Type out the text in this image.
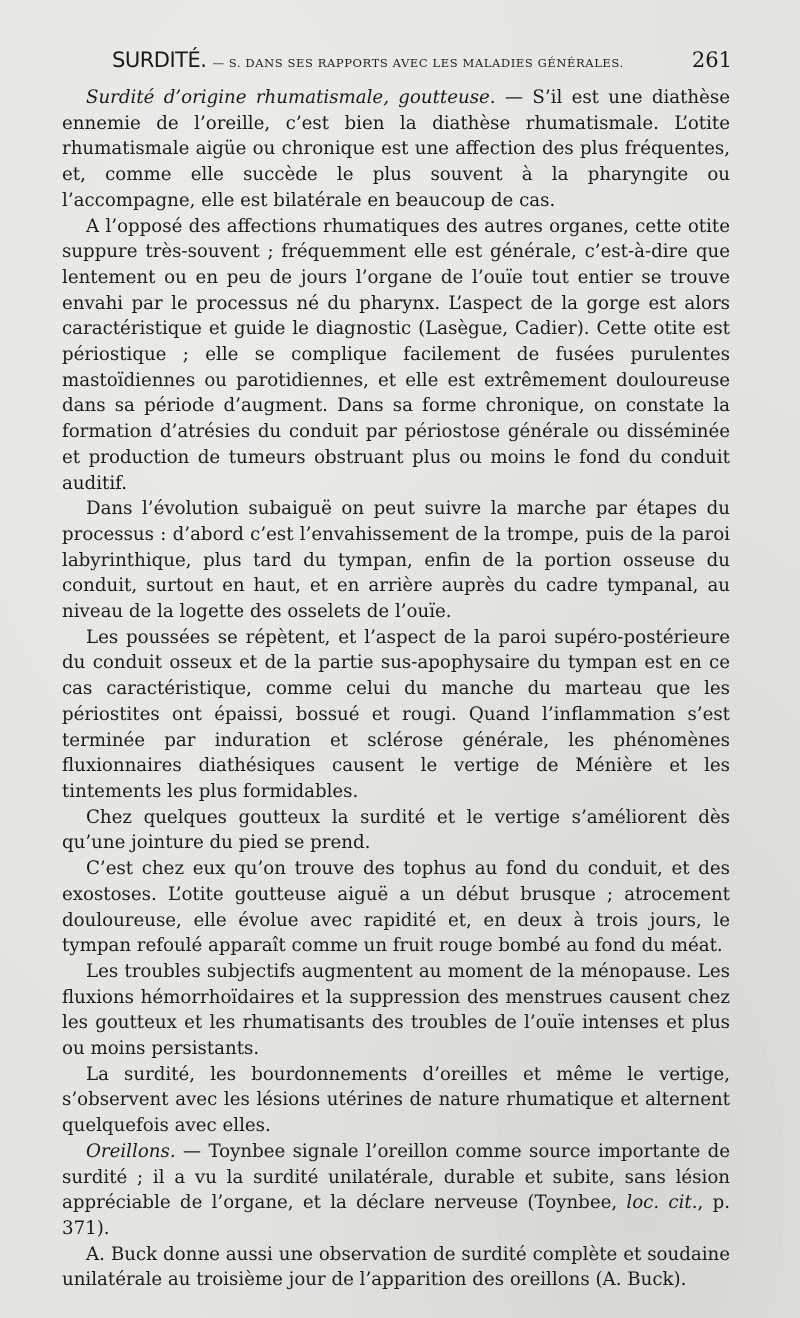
SURDITÉ. — S. DANS SES RAPPORTS AVEC LES MALADIES GÉNÉRALES.	261

Surdité d’origine rhumatismale, goutteuse. — S’il est une diathèse ennemie de l’oreille, c’est bien la diathèse rhumatismale. L’otite rhumatismale aigüe ou chronique est une affection des plus fréquentes, et, comme elle succède le plus souvent à la pharyngite ou l’accompagne, elle est bilatérale en beaucoup de cas.

A l’opposé des affections rhumatiques des autres organes, cette otite suppure très-souvent ; fréquemment elle est générale, c’est-à-dire que lentement ou en peu de jours l’organe de l’ouïe tout entier se trouve envahi par le processus né du pharynx. L’aspect de la gorge est alors caractéristique et guide le diagnostic (Lasègue, Cadier). Cette otite est périostique ; elle se complique facilement de fusées purulentes mastoïdiennes ou parotidiennes, et elle est extrêmement douloureuse dans sa période d’augment. Dans sa forme chronique, on constate la formation d’atrésies du conduit par périostose générale ou disséminée et production de tumeurs obstruant plus ou moins le fond du conduit auditif.

Dans l’évolution subaiguë on peut suivre la marche par étapes du processus : d’abord c’est l’envahissement de la trompe, puis de la paroi labyrinthique, plus tard du tympan, enfin de la portion osseuse du conduit, surtout en haut, et en arrière auprès du cadre tympanal, au niveau de la logette des osselets de l’ouïe.

Les poussées se répètent, et l’aspect de la paroi supéro-postérieure du conduit osseux et de la partie sus-apophysaire du tympan est en ce cas caractéristique, comme celui du manche du marteau que les périostites ont épaissi, bossué et rougi. Quand l’inflammation s’est terminée par induration et sclérose générale, les phénomènes fluxionnaires diathésiques causent le vertige de Ménière et les tintements les plus formidables.

Chez quelques goutteux la surdité et le vertige s’améliorent dès qu’une jointure du pied se prend.

C’est chez eux qu’on trouve des tophus au fond du conduit, et des exostoses. L’otite goutteuse aiguë a un début brusque ; atrocement douloureuse, elle évolue avec rapidité et, en deux à trois jours, le tympan refoulé apparaît comme un fruit rouge bombé au fond du méat.

Les troubles subjectifs augmentent au moment de la ménopause. Les fluxions hémorrhoïdaires et la suppression des menstrues causent chez les goutteux et les rhumatisants des troubles de l’ouïe intenses et plus ou moins persistants.

La surdité, les bourdonnements d’oreilles et même le vertige, s’observent avec les lésions utérines de nature rhumatique et alternent quelquefois avec elles.

Oreillons. — Toynbee signale l’oreillon comme source importante de surdité ; il a vu la surdité unilatérale, durable et subite, sans lésion appréciable de l’organe, et la déclare nerveuse (Toynbee, loc. cit., p. 371).

A. Buck donne aussi une observation de surdité complète et soudaine unilatérale au troisième jour de l’apparition des oreillons (A. Buck).
